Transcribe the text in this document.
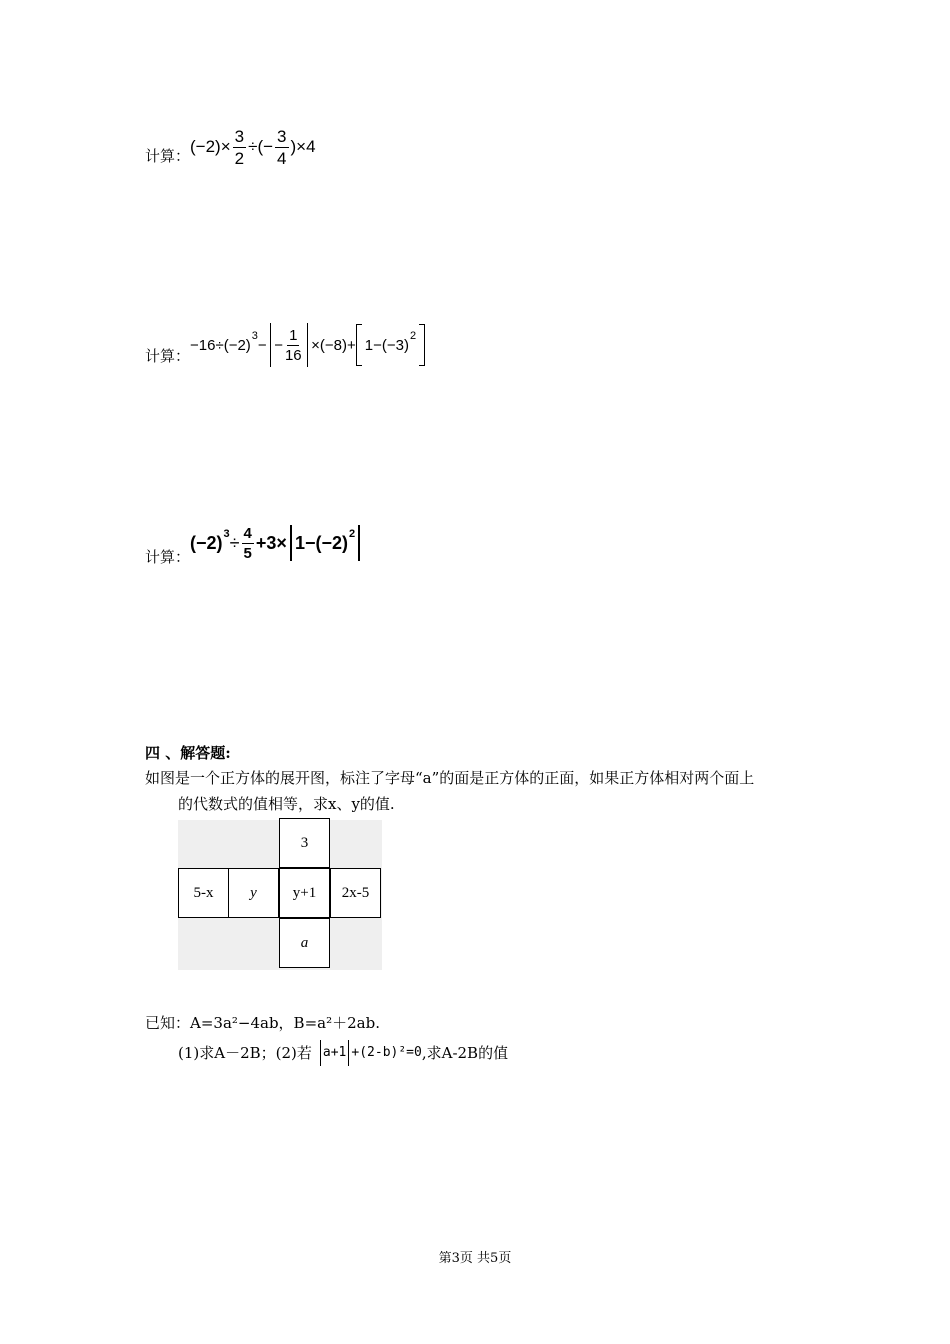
计算： $(-2)\times \frac{3}{2}$ ÷(− $\frac{3}{4} )\times 4$
计算：
−16÷(−2)
3
− − $\frac{1}{16} \times(-8)+ 1-(-3)$
2
计算：
(−2) $3 \div \frac{4}{5} +3\times 1-(-2)$ 2
四 、解答题:
如图是一个正方体的展开图，标注了字母“a”的面是正方体的正面，如果正方体相对两个面上
的代数式的值相等，求x、y的值.
3
5-x	y	y+1	2x-5
a
已知：A=3a²−4ab，B=a²＋2ab.
(1)求A－2B；(2)若 a+1 +(2-b)²=0 ,求A-2B的值
第3页 共5页
